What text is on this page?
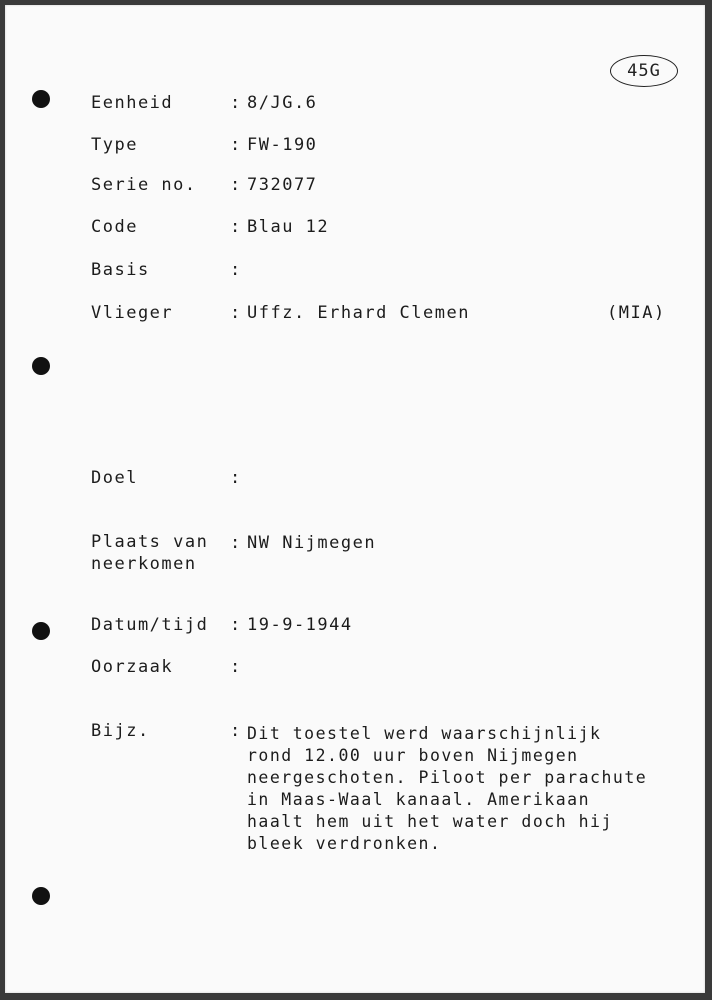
45G
Eenheid	: 8/JG.6
Type	: FW-190
Serie no. : 732077
Code	: Blau 12
Basis	:
Vlieger	: Uffz. Erhard Clemen	(MIA)
Doel	:
Plaats van
neerkomen
: NW Nijmegen
Datum/tijd : 19-9-1944
Oorzaak	:
Bijz.	: Dit toestel werd waarschijnlijk
rond 12.00 uur boven Nijmegen
neergeschoten. Piloot per parachute
in Maas-Waal kanaal. Amerikaan
haalt hem uit het water doch hij
bleek verdronken.
